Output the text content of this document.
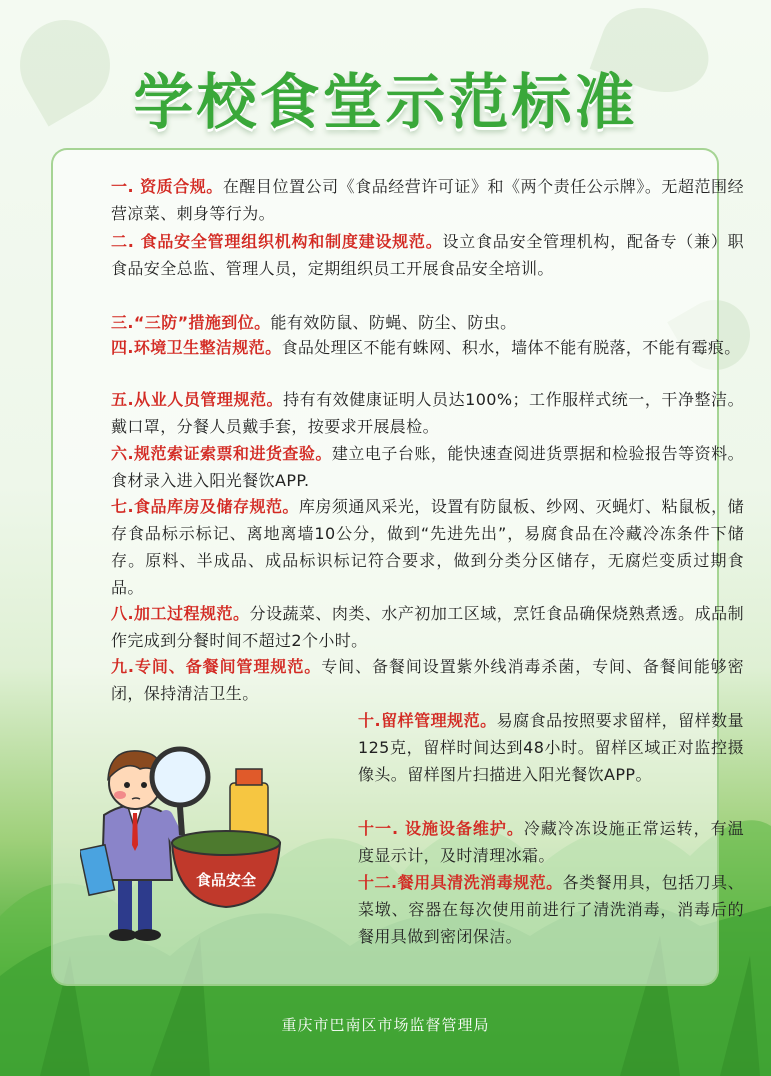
学校食堂示范标准
一. 资质合规。在醒目位置公司《食品经营许可证》和《两个责任公示牌》。无超范围经营凉菜、刺身等行为。
二. 食品安全管理组织机构和制度建设规范。设立食品安全管理机构，配备专（兼）职食品安全总监、管理人员，定期组织员工开展食品安全培训。
三.“三防”措施到位。能有效防鼠、防蝇、防尘、防虫。
四.环境卫生整洁规范。食品处理区不能有蛛网、积水，墙体不能有脱落，不能有霉痕。
五.从业人员管理规范。持有有效健康证明人员达100%；工作服样式统一，干净整洁。戴口罩，分餐人员戴手套，按要求开展晨检。
六.规范索证索票和进货查验。建立电子台账，能快速查阅进货票据和检验报告等资料。食材录入进入阳光餐饮APP.
七.食品库房及储存规范。库房须通风采光，设置有防鼠板、纱网、灭蝇灯、粘鼠板，储存食品标示标记、离地离墙10公分，做到“先进先出”，易腐食品在冷藏冷冻条件下储存。原料、半成品、成品标识标记符合要求，做到分类分区储存，无腐烂变质过期食品。
八.加工过程规范。分设蔬菜、肉类、水产初加工区域，烹饪食品确保烧熟煮透。成品制作完成到分餐时间不超过2个小时。
九.专间、备餐间管理规范。专间、备餐间设置紫外线消毒杀菌，专间、备餐间能够密闭，保持清洁卫生。
十.留样管理规范。易腐食品按照要求留样，留样数量125克，留样时间达到48小时。留样区域正对监控摄像头。留样图片扫描进入阳光餐饮APP。
十一. 设施设备维护。冷藏冷冻设施正常运转，有温度显示计，及时清理冰霜。
十二.餐用具清洗消毒规范。各类餐用具，包括刀具、菜墩、容器在每次使用前进行了清洗消毒，消毒后的餐用具做到密闭保洁。
食品安全
重庆市巴南区市场监督管理局
